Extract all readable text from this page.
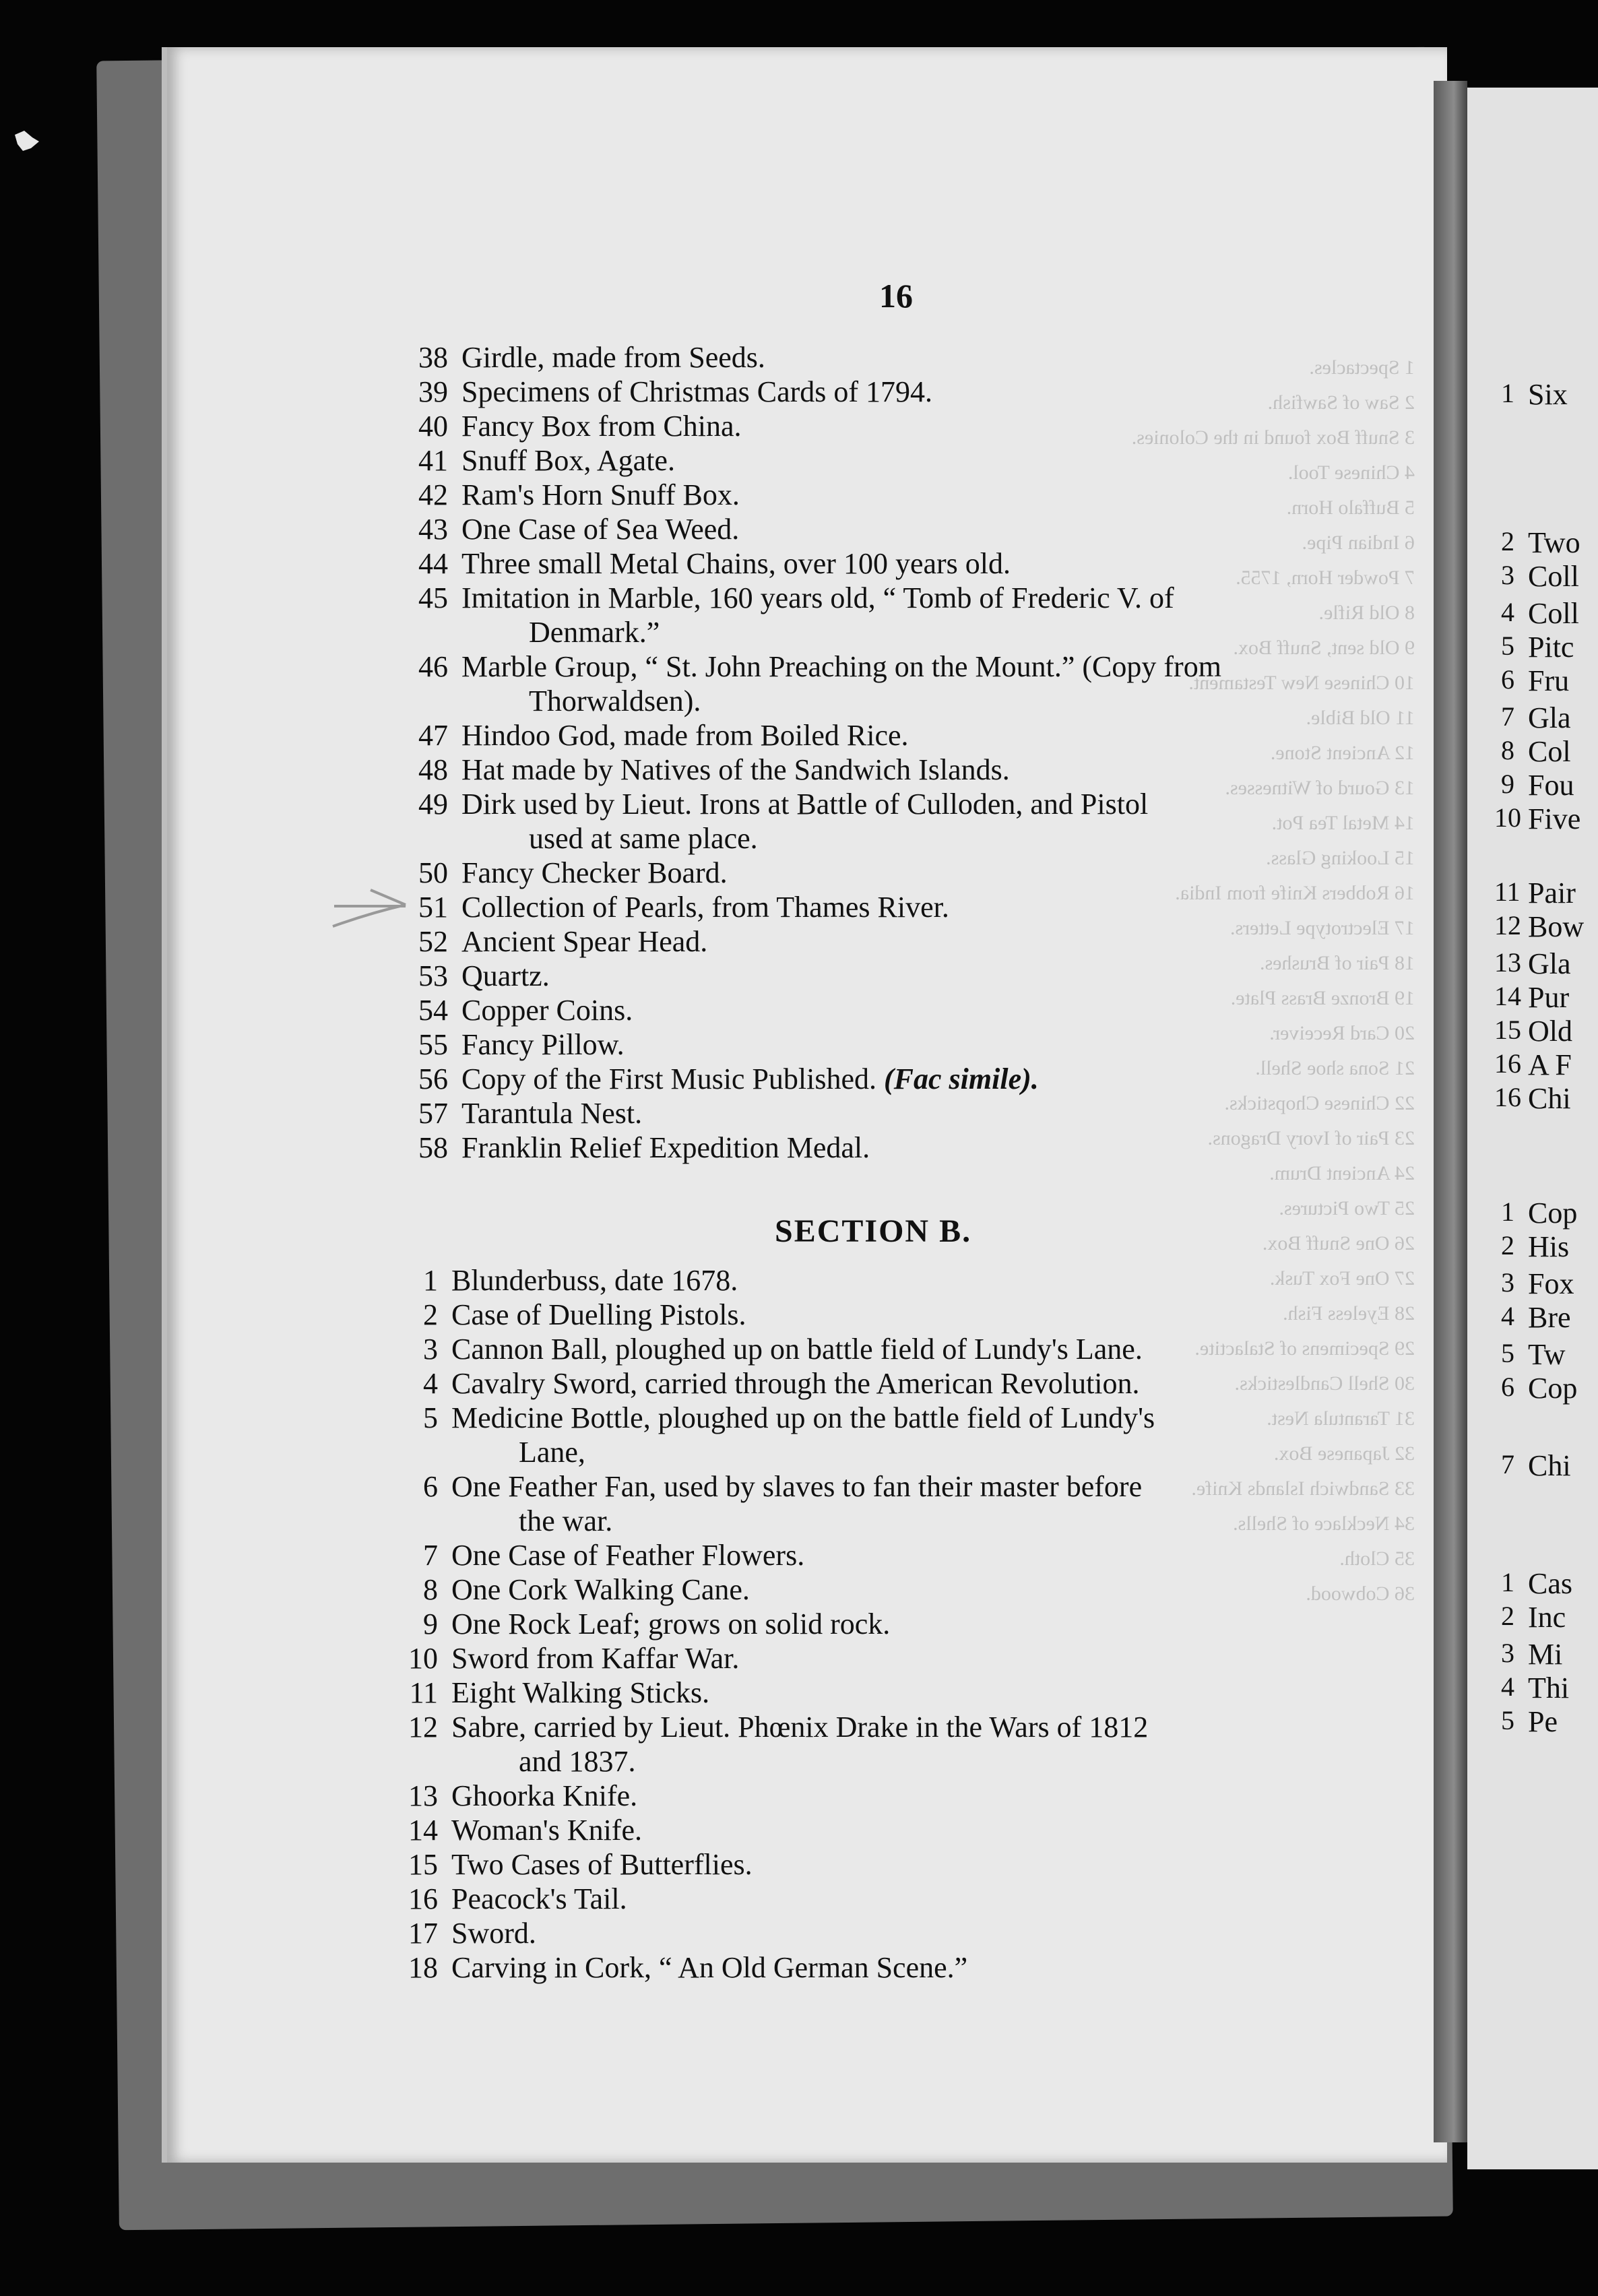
1 Six
2 Two
3 Coll
4 Coll
5 Pitc
6 Fru
7 Gla
8 Col
9 Fou
10 Five
11 Pair
12 Bow
13 Gla
14 Pur
15 Old
16 A F
16 Chi
1 Cop
2 His
3 Fox
4 Bre
5 Tw
6 Cop
7 Chi
1 Cas
2 Inc
3 Mi
4 Thi
5 Pe
1 Spectacles.
2 Saw of Sawfish.
3 Snuff Box found in the Colonies.
4 Chinese Tool.
5 Buffalo Horn.
6 Indian Pipe.
7 Powder Horn, 1755.
8 Old Rifle.
9 Old sent, Snuff Box.
10 Chinese New Testament.
11 Old Bible.
12 Ancient Stone.
13 Gourd of Witnesses.
14 Metal Tea Pot.
15 Looking Glass.
16 Robbers Knife from India.
17 Electrotype Letters.
18 Pair of Brushes.
19 Bronze Brass Plate.
20 Card Receiver.
21 Sona shoe Shell.
22 Chinese Chopsticks.
23 Pair of Ivory Dragons.
24 Ancient Drum.
25 Two Pictures.
26 One Snuff Box.
27 One Fox Tusk.
28 Eyeless Fish.
29 Specimens of Stalactite.
30 Shell Candlesticks.
31 Tarantula Nest.
32 Japanese Box.
33 Sandwich Islands Knife.
34 Necklace of Shells.
35 Cloth.
36 Cobwood.
16
38 Girdle, made from Seeds.
39 Specimens of Christmas Cards of 1794.
40 Fancy Box from China.
41 Snuff Box, Agate.
42 Ram's Horn Snuff Box.
43 One Case of Sea Weed.
44 Three small Metal Chains, over 100 years old.
45 Imitation in Marble, 160 years old, “ Tomb of Frederic V. of
Denmark.”
46 Marble Group, “ St. John Preaching on the Mount.” (Copy from
Thorwaldsen).
47 Hindoo God, made from Boiled Rice.
48 Hat made by Natives of the Sandwich Islands.
49 Dirk used by Lieut. Irons at Battle of Culloden, and Pistol
used at same place.
50 Fancy Checker Board.
51 Collection of Pearls, from Thames River.
52 Ancient Spear Head.
53 Quartz.
54 Copper Coins.
55 Fancy Pillow.
56 Copy of the First Music Published. (Fac simile).
57 Tarantula Nest.
58 Franklin Relief Expedition Medal.
SECTION B.
1 Blunderbuss, date 1678.
2 Case of Duelling Pistols.
3 Cannon Ball, ploughed up on battle field of Lundy's Lane.
4 Cavalry Sword, carried through the American Revolution.
5 Medicine Bottle, ploughed up on the battle field of Lundy's
Lane,
6 One Feather Fan, used by slaves to fan their master before
the war.
7 One Case of Feather Flowers.
8 One Cork Walking Cane.
9 One Rock Leaf; grows on solid rock.
10 Sword from Kaffar War.
11 Eight Walking Sticks.
12 Sabre, carried by Lieut. Phœnix Drake in the Wars of 1812
and 1837.
13 Ghoorka Knife.
14 Woman's Knife.
15 Two Cases of Butterflies.
16 Peacock's Tail.
17 Sword.
18 Carving in Cork, “ An Old German Scene.”
